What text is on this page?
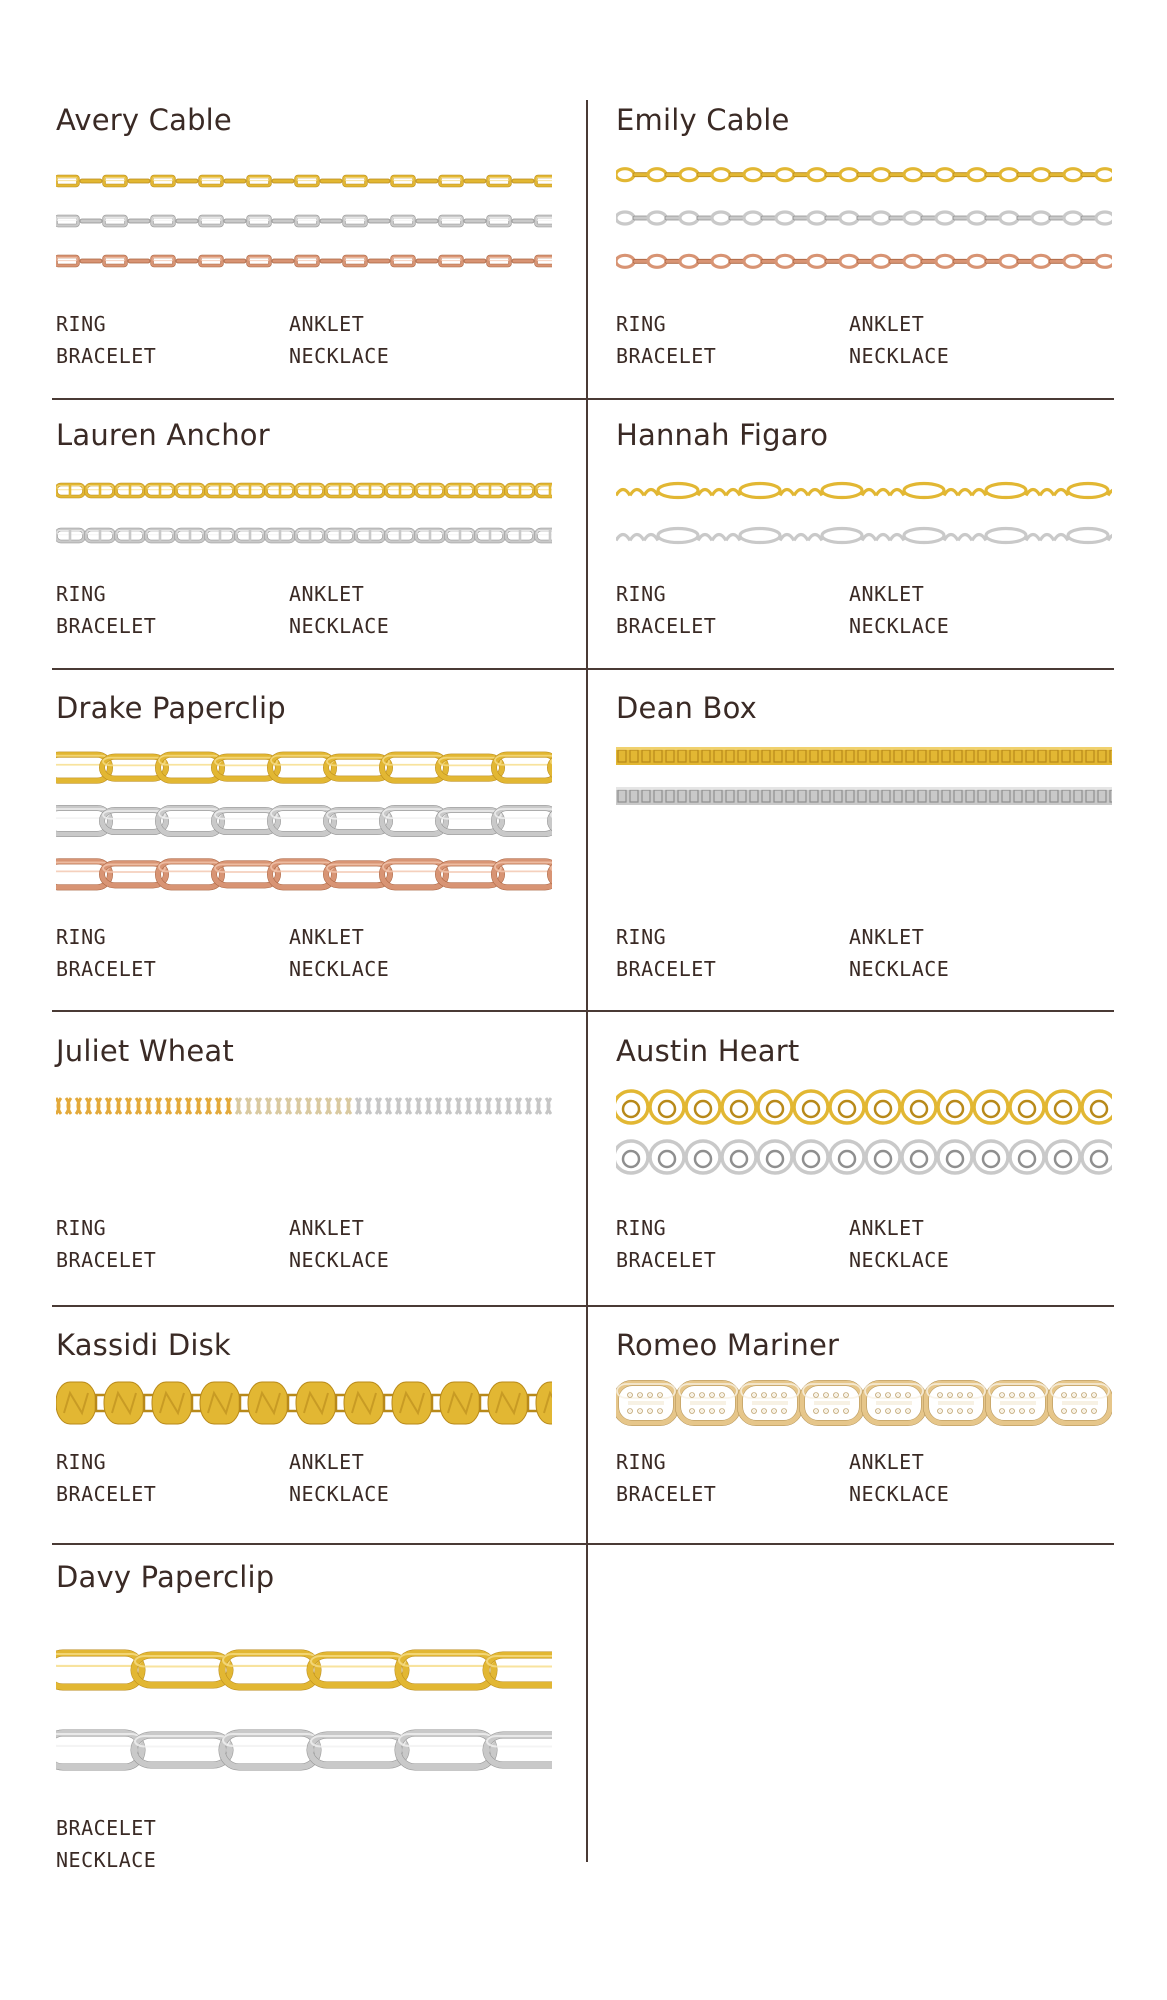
Avery Cable
RING	ANKLET
BRACELET	NECKLACE
Emily Cable
RING	ANKLET
BRACELET	NECKLACE
Lauren Anchor
RING	ANKLET
BRACELET	NECKLACE
Hannah Figaro
RING	ANKLET
BRACELET	NECKLACE
Drake Paperclip
RING	ANKLET
BRACELET	NECKLACE
Dean Box
RING	ANKLET
BRACELET	NECKLACE
Juliet Wheat
RING	ANKLET
BRACELET	NECKLACE
Austin Heart
RING	ANKLET
BRACELET	NECKLACE
Kassidi Disk
RING	ANKLET
BRACELET	NECKLACE
Romeo Mariner
RING	ANKLET
BRACELET	NECKLACE
Davy Paperclip
BRACELET
NECKLACE
